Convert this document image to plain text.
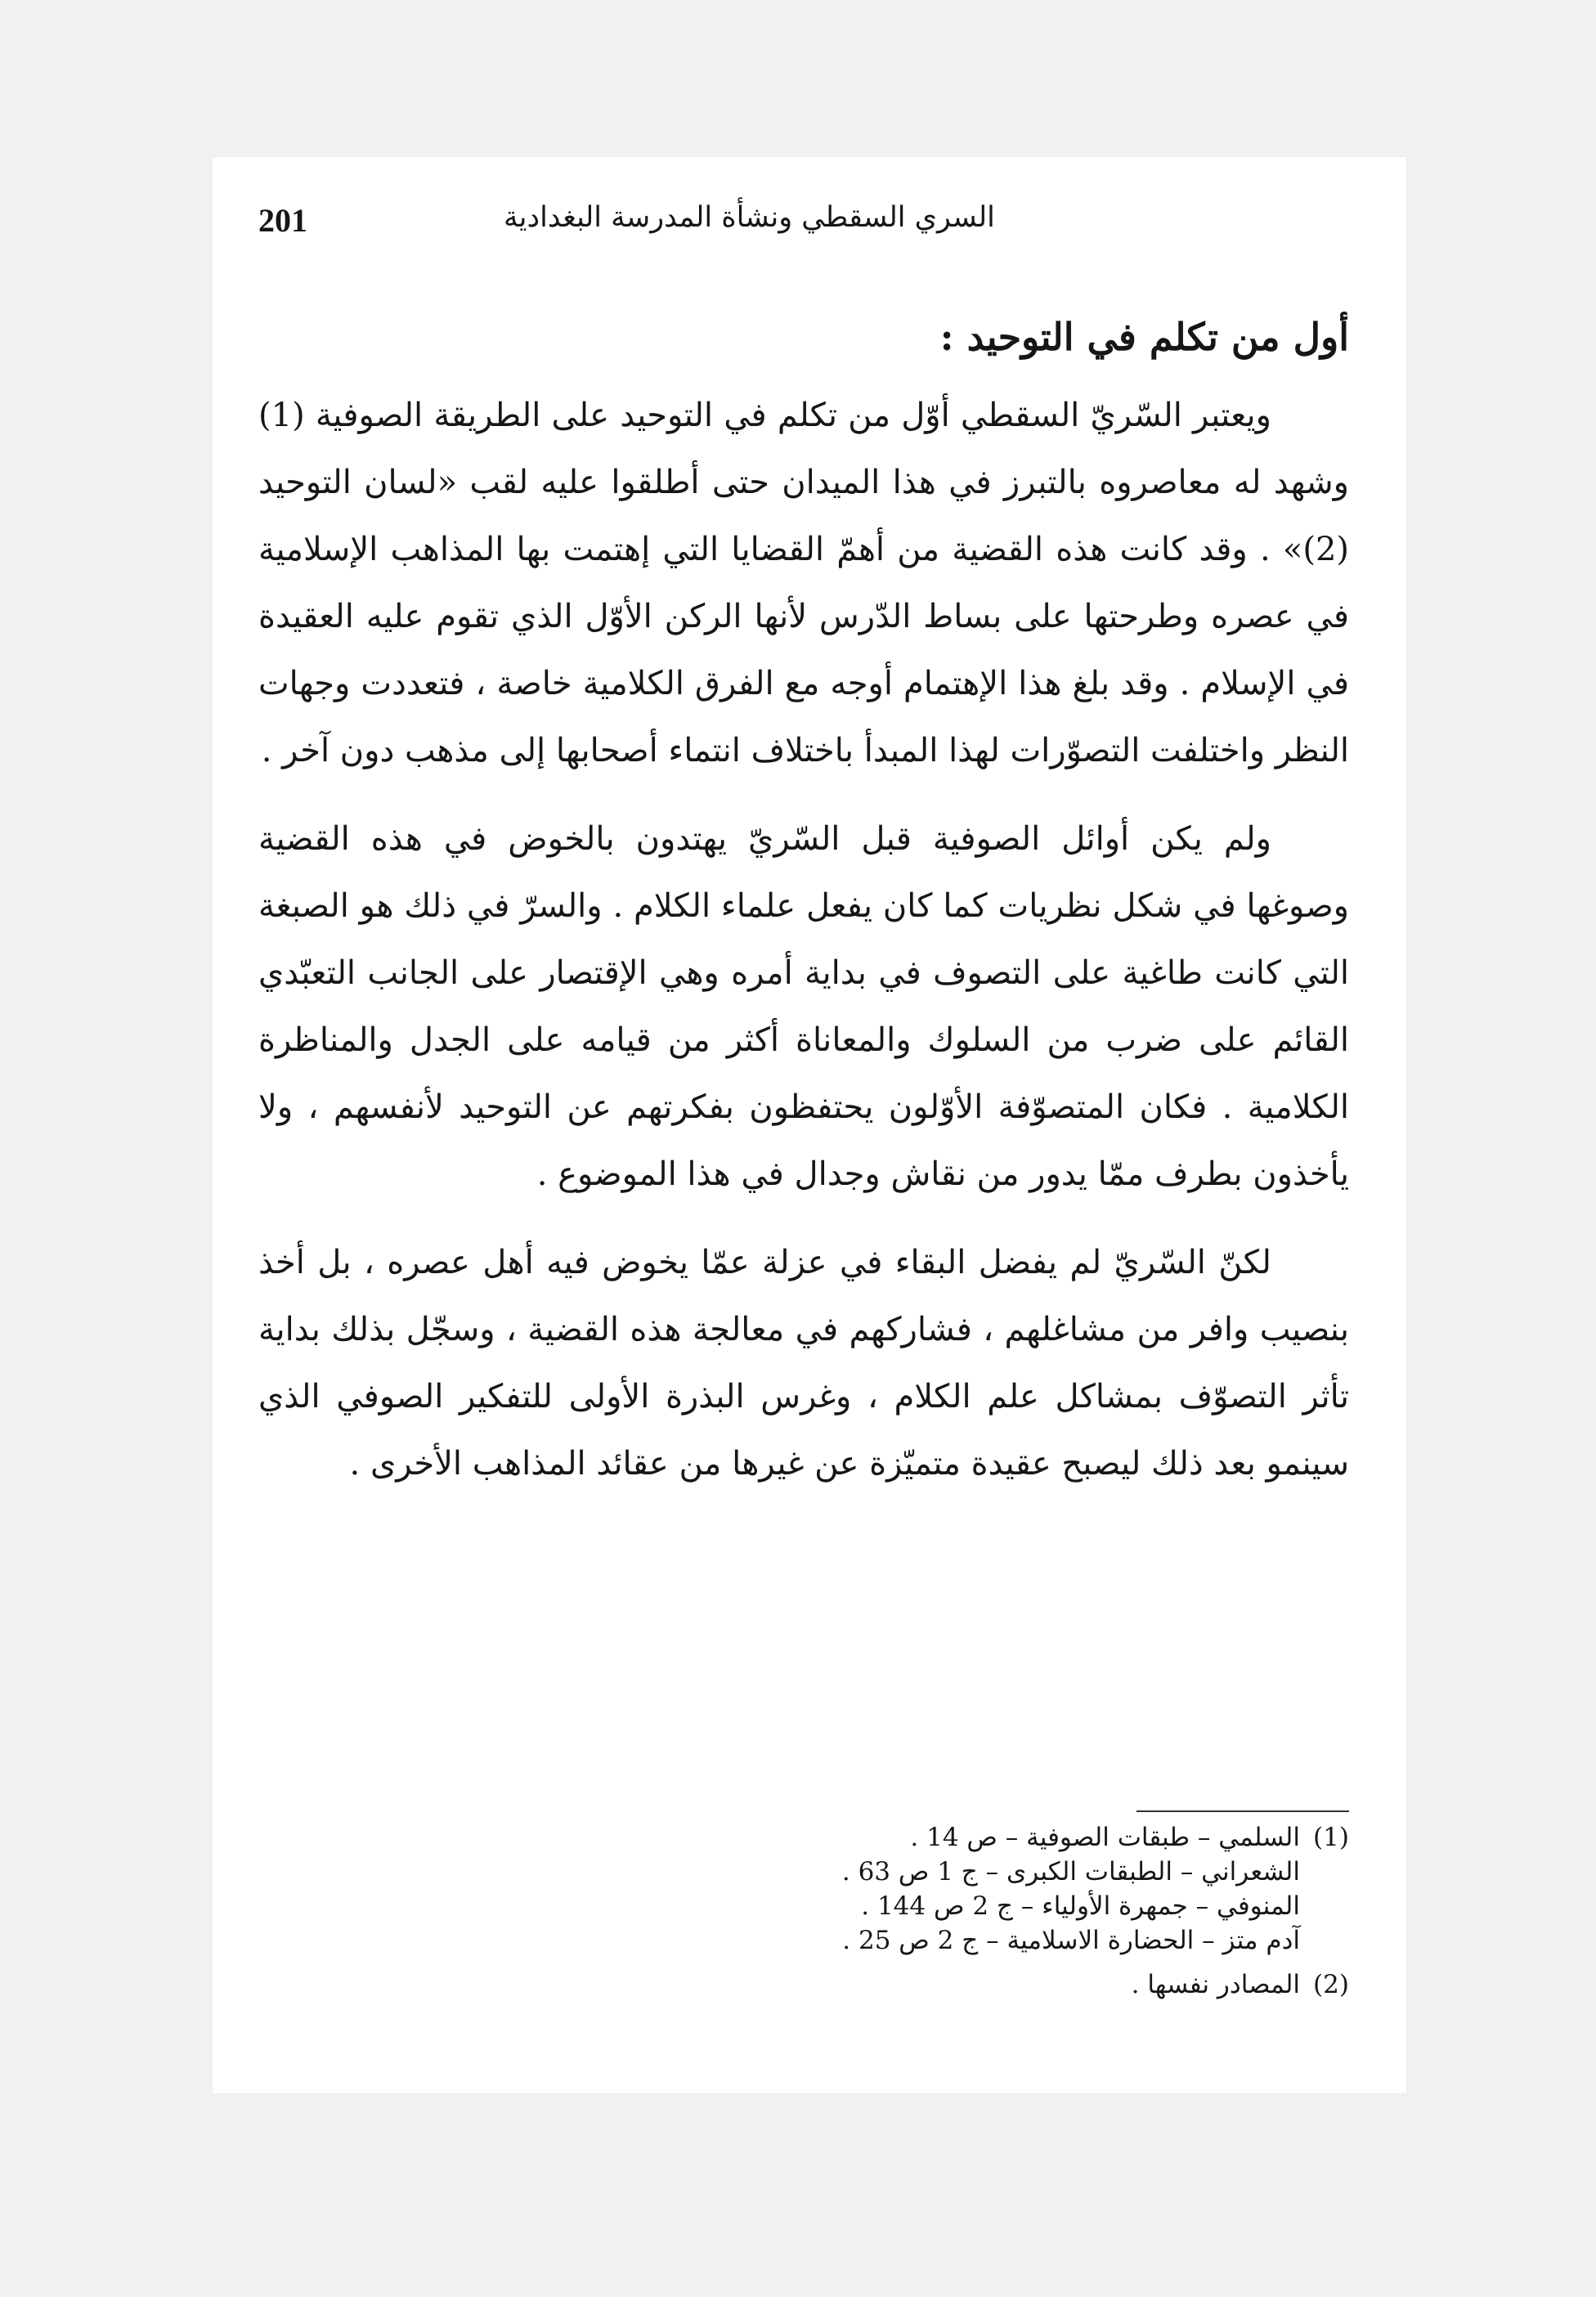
201	السري السقطي ونشأة المدرسة البغدادية
أول من تكلم في التوحيد :

ويعتبر السّريّ السقطي أوّل من تكلم في التوحيد على الطريقة الصوفية (1) وشهد له معاصروه بالتبرز في هذا الميدان حتى أطلقوا عليه لقب «لسان التوحيد (2)» . وقد كانت هذه القضية من أهمّ القضايا التي إهتمت بها المذاهب الإسلامية في عصره وطرحتها على بساط الدّرس لأنها الركن الأوّل الذي تقوم عليه العقيدة في الإسلام . وقد بلغ هذا الإهتمام أوجه مع الفرق الكلامية خاصة ، فتعددت وجهات النظر واختلفت التصوّرات لهذا المبدأ باختلاف انتماء أصحابها إلى مذهب دون آخر .

ولم يكن أوائل الصوفية قبل السّريّ يهتدون بالخوض في هذه القضية وصوغها في شكل نظريات كما كان يفعل علماء الكلام . والسرّ في ذلك هو الصبغة التي كانت طاغية على التصوف في بداية أمره وهي الإقتصار على الجانب التعبّدي القائم على ضرب من السلوك والمعاناة أكثر من قيامه على الجدل والمناظرة الكلامية . فكان المتصوّفة الأوّلون يحتفظون بفكرتهم عن التوحيد لأنفسهم ، ولا يأخذون بطرف ممّا يدور من نقاش وجدال في هذا الموضوع .

لكنّ السّريّ لم يفضل البقاء في عزلة عمّا يخوض فيه أهل عصره ، بل أخذ بنصيب وافر من مشاغلهم ، فشاركهم في معالجة هذه القضية ، وسجّل بذلك بداية تأثر التصوّف بمشاكل علم الكلام ، وغرس البذرة الأولى للتفكير الصوفي الذي سينمو بعد ذلك ليصبح عقيدة متميّزة عن غيرها من عقائد المذاهب الأخرى .

(1)السلمي – طبقات الصوفية – ص 14 .

الشعراني – الطبقات الكبرى – ج 1 ص 63 .

المنوفي – جمهرة الأولياء – ج 2 ص 144 .

آدم متز – الحضارة الاسلامية – ج 2 ص 25 .

(2)المصادر نفسها .
